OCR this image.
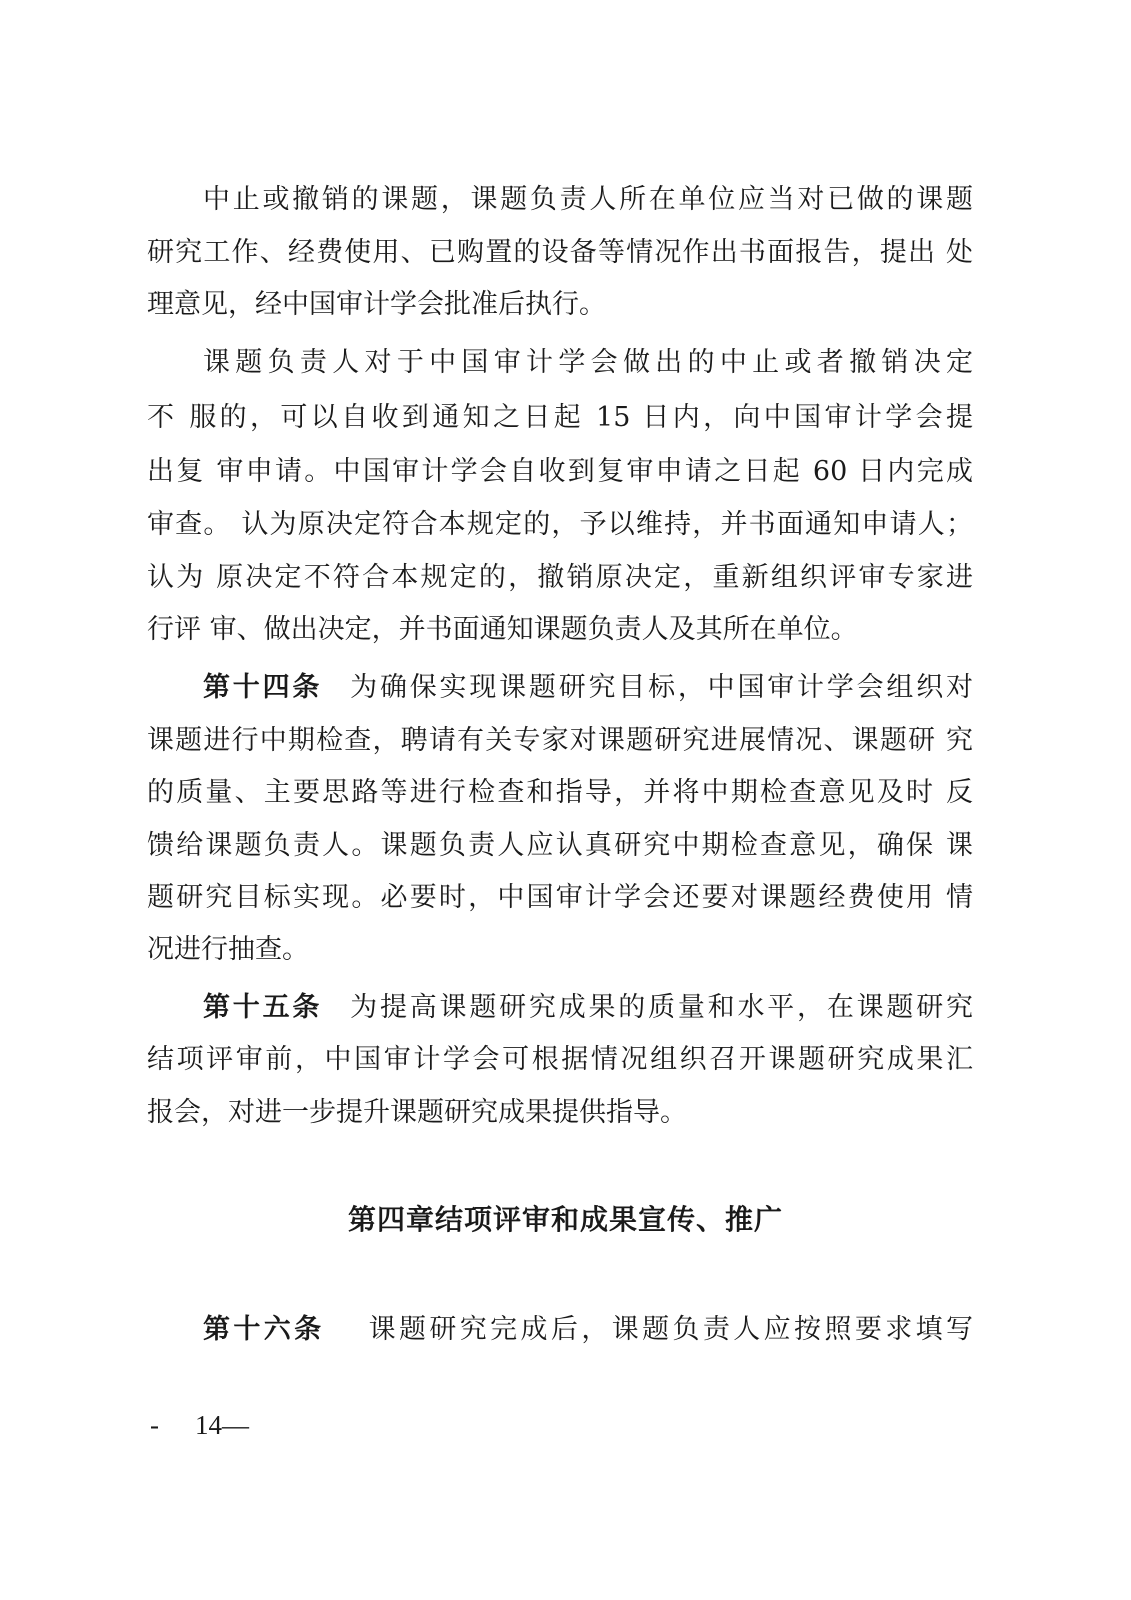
中止或撤销的课题，课题负责人所在单位应当对已做的课题
研究工作、经费使用、已购置的设备等情况作出书面报告，提出 处
理意见，经中国审计学会批准后执行。
课题负责人对于中国审计学会做出的中止或者撤销决定
不 服的，可以自收到通知之日起 15 日内，向中国审计学会提
出复 审申请。中国审计学会自收到复审申请之日起 60 日内完成
审查。 认为原决定符合本规定的，予以维持，并书面通知申请人；
认为 原决定不符合本规定的，撤销原决定，重新组织评审专家进
行评 审、做出决定，并书面通知课题负责人及其所在单位。
第十四条 为确保实现课题研究目标，中国审计学会组织对
课题进行中期检查，聘请有关专家对课题研究进展情况、课题研 究
的质量、主要思路等进行检查和指导，并将中期检查意见及时 反
馈给课题负责人。课题负责人应认真研究中期检查意见，确保 课
题研究目标实现。必要时，中国审计学会还要对课题经费使用 情
况进行抽查。
第十五条 为提高课题研究成果的质量和水平，在课题研究
结项评审前，中国审计学会可根据情况组织召开课题研究成果汇
报会，对进一步提升课题研究成果提供指导。
第四章结项评审和成果宣传、推广
第十六条 课题研究完成后，课题负责人应按照要求填写
- 14—
